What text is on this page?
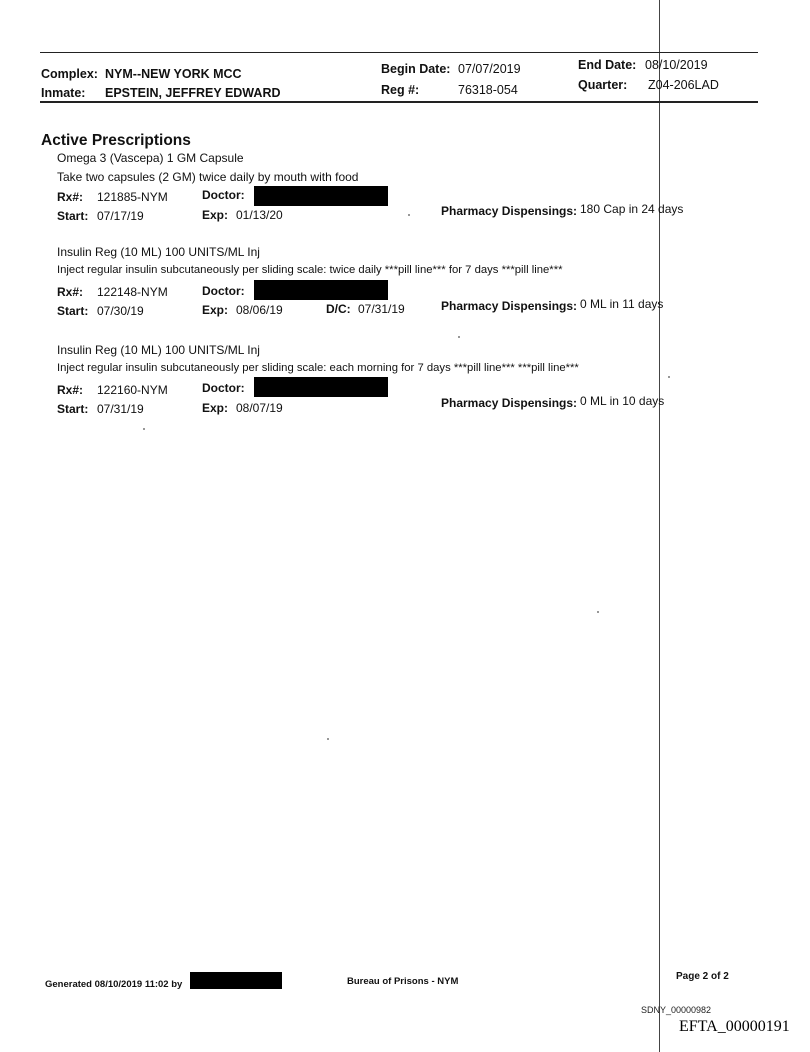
Complex: NYM--NEW YORK MCC
Inmate: EPSTEIN, JEFFREY EDWARD
Begin Date: 07/07/2019
Reg #:	76318-054
End Date: 08/10/2019
Quarter: Z04-206LAD
Active Prescriptions
Omega 3 (Vascepa) 1 GM Capsule
Take two capsules (2 GM) twice daily by mouth with food
Rx#: 121885-NYM	Doctor:
Start: 07/17/19	Exp: 01/13/20	Pharmacy Dispensings: 180 Cap in 24 days
Insulin Reg (10 ML) 100 UNITS/ML Inj
Inject regular insulin subcutaneously per sliding scale: twice daily ***pill line*** for 7 days ***pill line***
Rx#: 122148-NYM	Doctor:
Start: 07/30/19	Exp: 08/06/19	D/C: 07/31/19	Pharmacy Dispensings: 0 ML in 11 days
Insulin Reg (10 ML) 100 UNITS/ML Inj
Inject regular insulin subcutaneously per sliding scale: each morning for 7 days ***pill line*** ***pill line***
Rx#: 122160-NYM	Doctor:
Start: 07/31/19	Exp: 08/07/19	Pharmacy Dispensings: 0 ML in 10 days
Generated 08/10/2019 11:02 by	Bureau of Prisons - NYM	Page 2 of 2
SDNY_00000982
EFTA_00000191
